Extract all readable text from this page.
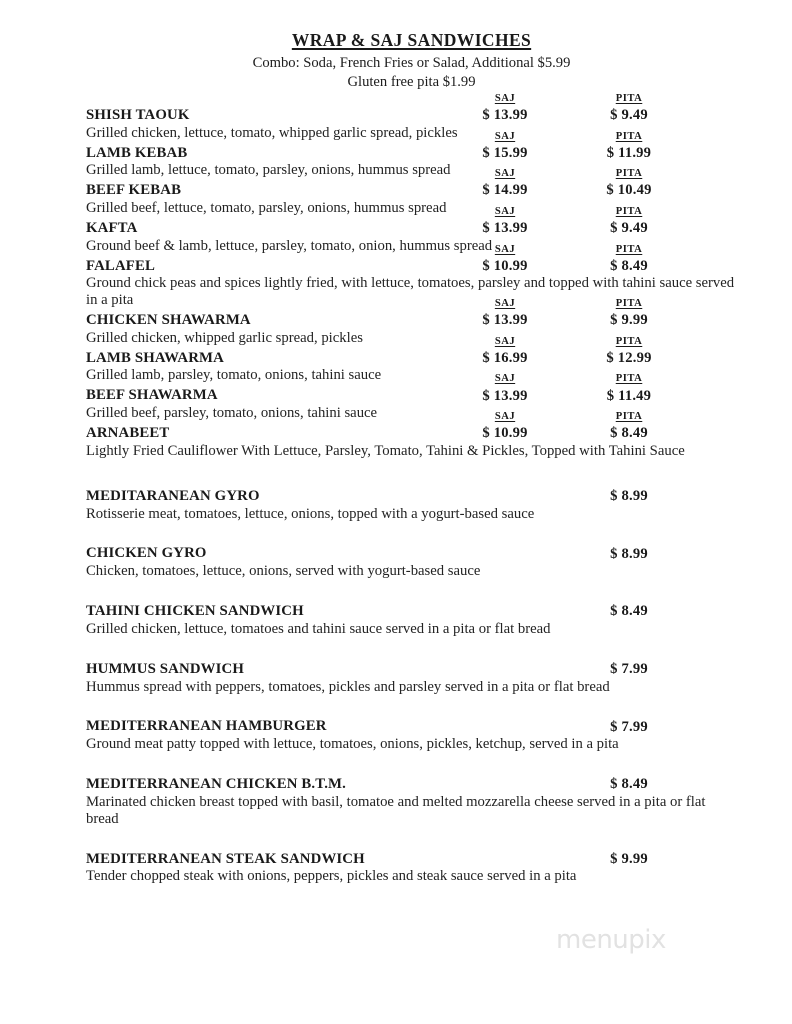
WRAP & SAJ SANDWICHES
Combo: Soda, French Fries or Salad, Additional $5.99
Gluten free pita $1.99
SHISH TAOUK
SAJ
$ 13.99
PITA
$ 9.49
Grilled chicken, lettuce, tomato, whipped garlic spread, pickles
LAMB KEBAB
SAJ
$ 15.99
PITA
$ 11.99
Grilled lamb, lettuce, tomato, parsley, onions, hummus spread
BEEF KEBAB
SAJ
$ 14.99
PITA
$ 10.49
Grilled beef, lettuce, tomato, parsley, onions, hummus spread
KAFTA
SAJ
$ 13.99
PITA
$ 9.49
Ground beef & lamb, lettuce, parsley, tomato, onion, hummus spread
FALAFEL
SAJ
$ 10.99
PITA
$ 8.49
Ground chick peas and spices lightly fried, with lettuce, tomatoes, parsley and topped with tahini sauce served in a pita
CHICKEN SHAWARMA
SAJ
$ 13.99
PITA
$ 9.99
Grilled chicken, whipped garlic spread, pickles
LAMB SHAWARMA
SAJ
$ 16.99
PITA
$ 12.99
Grilled lamb, parsley, tomato, onions, tahini sauce
BEEF SHAWARMA
SAJ
$ 13.99
PITA
$ 11.49
Grilled beef, parsley, tomato, onions, tahini sauce
ARNABEET
SAJ
$ 10.99
PITA
$ 8.49
Lightly Fried Cauliflower With Lettuce, Parsley, Tomato, Tahini & Pickles, Topped with Tahini Sauce
MEDITARANEAN GYRO	$ 8.99
Rotisserie meat, tomatoes, lettuce, onions, topped with a yogurt-based sauce
CHICKEN GYRO	$ 8.99
Chicken, tomatoes, lettuce, onions, served with yogurt-based sauce
TAHINI CHICKEN SANDWICH	$ 8.49
Grilled chicken, lettuce, tomatoes and tahini sauce served in a pita or flat bread
HUMMUS SANDWICH	$ 7.99
Hummus spread with peppers, tomatoes, pickles and parsley served in a pita or flat bread
MEDITERRANEAN HAMBURGER	$ 7.99
Ground meat patty topped with lettuce, tomatoes, onions, pickles, ketchup, served in a pita
MEDITERRANEAN CHICKEN B.T.M.	$ 8.49
Marinated chicken breast topped with basil, tomatoe and melted mozzarella cheese served in a pita or flat bread
MEDITERRANEAN STEAK SANDWICH	$ 9.99
Tender chopped steak with onions, peppers, pickles and steak sauce served in a pita
menupix
